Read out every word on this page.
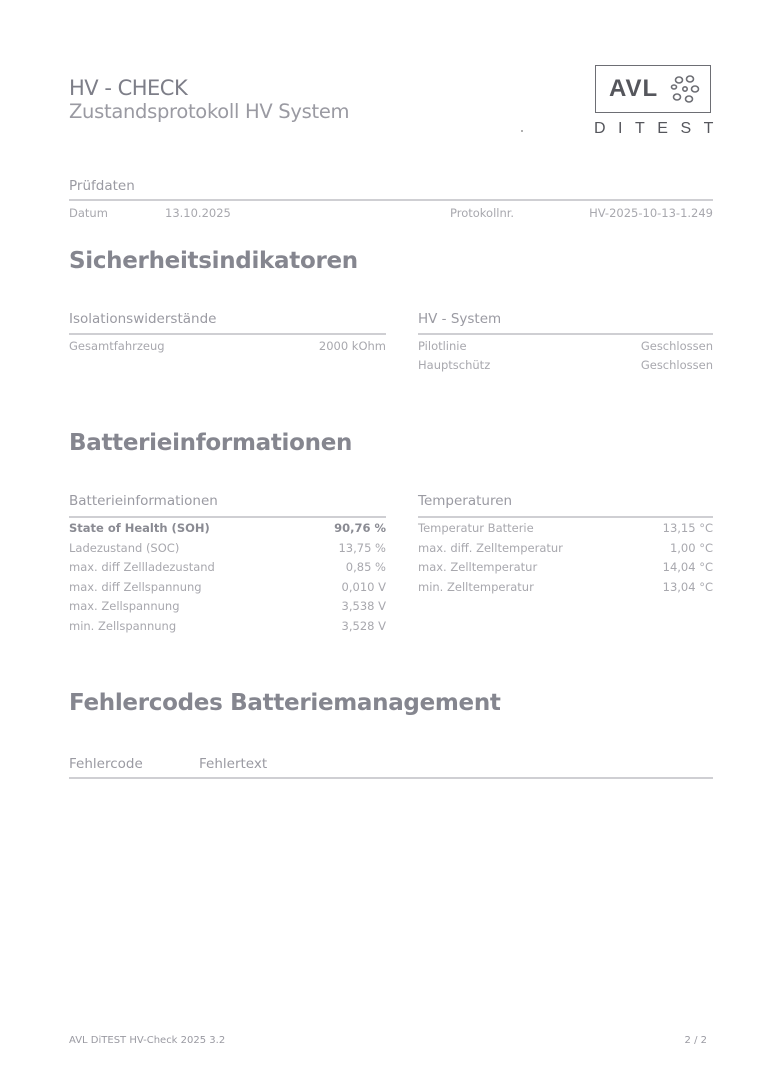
HV - CHECK
Zustandsprotokoll HV System
AVL
DITEST
Prüfdaten
Datum	13.10.2025	Protokollnr.	HV-2025-10-13-1.249
Sicherheitsindikatoren
Isolationswiderstände
Gesamtfahrzeug	2000 kOhm
HV - System
Pilotlinie	Geschlossen
Hauptschütz	Geschlossen
Batterieinformationen
Batterieinformationen
State of Health (SOH)	90,76 %
Ladezustand (SOC)	13,75 %
max. diff Zellladezustand	0,85 %
max. diff Zellspannung	0,010 V
max. Zellspannung	3,538 V
min. Zellspannung	3,528 V
Temperaturen
Temperatur Batterie	13,15 °C
max. diff. Zelltemperatur	1,00 °C
max. Zelltemperatur	14,04 °C
min. Zelltemperatur	13,04 °C
Fehlercodes Batteriemanagement
Fehlercode	Fehlertext
AVL DiTEST HV-Check 2025 3.2	2 / 2
